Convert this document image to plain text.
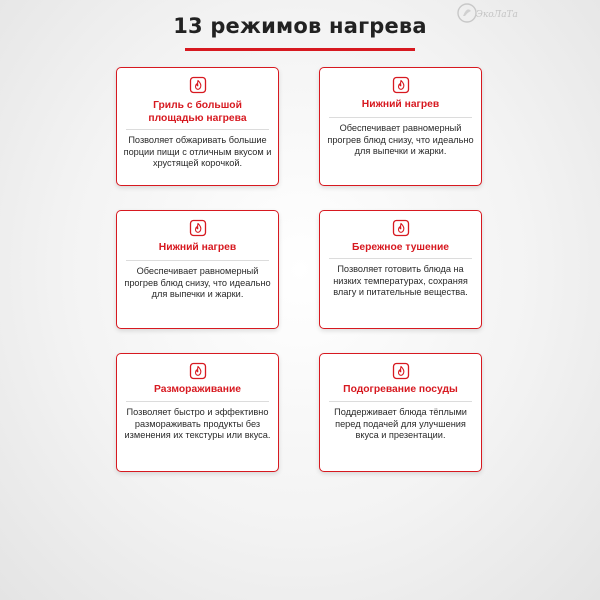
13 режимов нагрева	ЭкоЛаТа
Гриль с большой площадью нагрева
Позволяет обжаривать большие порции пищи с отличным вкусом и хрустящей корочкой.
Нижний нагрев
Обеспечивает равномерный прогрев блюд снизу, что идеально для выпечки и жарки.
Нижний нагрев
Обеспечивает равномерный прогрев блюд снизу, что идеально для выпечки и жарки.
Бережное тушение
Позволяет готовить блюда на низких температурах, сохраняя влагу и питательные вещества.
Размораживание
Позволяет быстро и эффективно размораживать продукты без изменения их текстуры или вкуса.
Подогревание посуды
Поддерживает блюда тёплыми перед подачей для улучшения вкуса и презентации.
